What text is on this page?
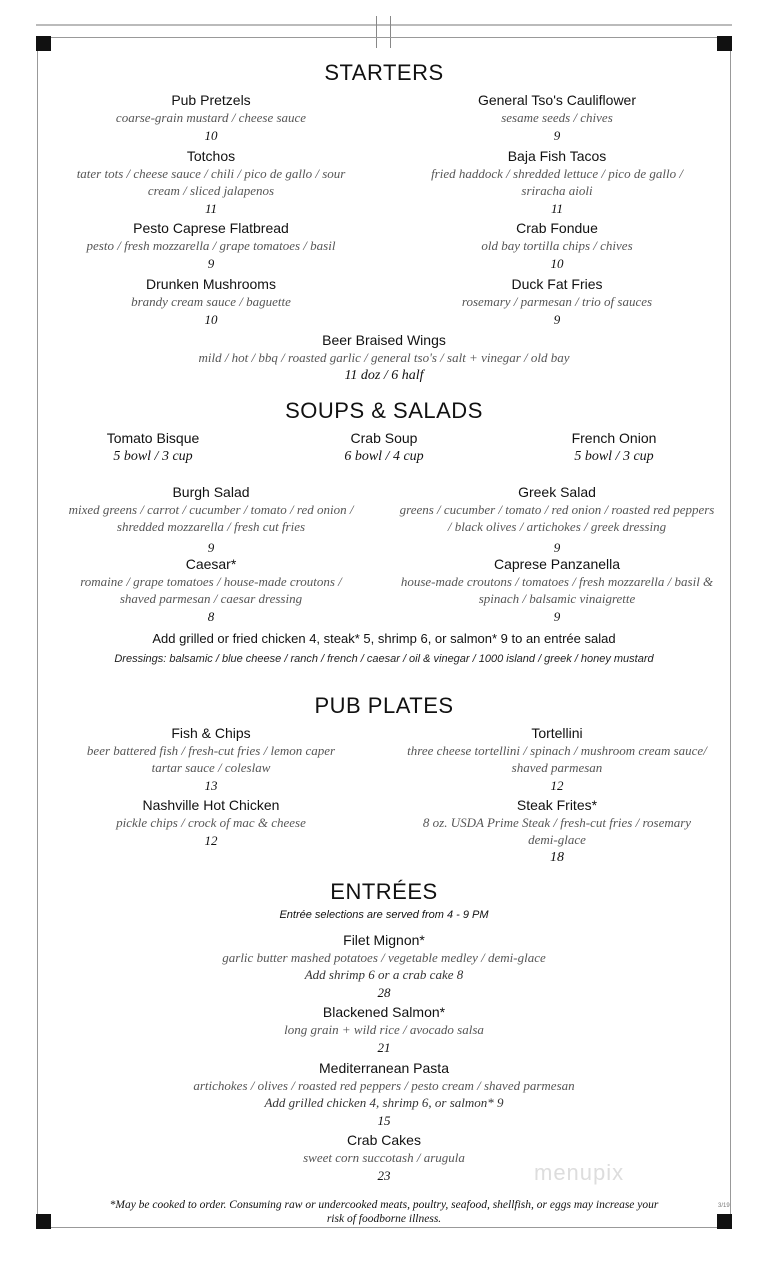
STARTERS
Pub Pretzels
coarse-grain mustard / cheese sauce
10
General Tso's Cauliflower
sesame seeds / chives
9
Totchos
tater tots / cheese sauce / chili / pico de gallo / sour cream / sliced jalapenos
11
Baja Fish Tacos
fried haddock / shredded lettuce / pico de gallo / sriracha aioli
11
Pesto Caprese Flatbread
pesto / fresh mozzarella / grape tomatoes / basil
9
Crab Fondue
old bay tortilla chips / chives
10
Drunken Mushrooms
brandy cream sauce / baguette
10
Duck Fat Fries
rosemary / parmesan / trio of sauces
9
Beer Braised Wings
mild / hot / bbq / roasted garlic / general tso's / salt + vinegar / old bay
11 doz / 6 half
SOUPS & SALADS
Tomato Bisque
5 bowl / 3 cup
Crab Soup
6 bowl / 4 cup
French Onion
5 bowl / 3 cup
Burgh Salad
mixed greens / carrot / cucumber / tomato / red onion / shredded mozzarella / fresh cut fries
9
Greek Salad
greens / cucumber / tomato / red onion / roasted red peppers / black olives / artichokes / greek dressing
9
Caesar*
romaine / grape tomatoes / house-made croutons / shaved parmesan / caesar dressing
8
Caprese Panzanella
house-made croutons / tomatoes / fresh mozzarella / basil & spinach / balsamic vinaigrette
9
Add grilled or fried chicken 4, steak* 5, shrimp 6, or salmon* 9 to an entrée salad
Dressings: balsamic / blue cheese / ranch / french / caesar / oil & vinegar / 1000 island / greek / honey mustard
PUB PLATES
Fish & Chips
beer battered fish / fresh-cut fries / lemon caper tartar sauce / coleslaw
13
Tortellini
three cheese tortellini / spinach / mushroom cream sauce/ shaved parmesan
12
Nashville Hot Chicken
pickle chips / crock of mac & cheese
12
Steak Frites*
8 oz. USDA Prime Steak / fresh-cut fries / rosemary demi-glace
18
ENTRÉES
Entrée selections are served from 4 - 9 PM
Filet Mignon*
garlic butter mashed potatoes / vegetable medley / demi-glace
Add shrimp 6 or a crab cake 8
28
Blackened Salmon*
long grain + wild rice / avocado salsa
21
Mediterranean Pasta
artichokes / olives / roasted red peppers / pesto cream / shaved parmesan
Add grilled chicken 4, shrimp 6, or salmon* 9
15
Crab Cakes
sweet corn succotash / arugula
23	menupix
*May be cooked to order. Consuming raw or undercooked meats, poultry, seafood, shellfish, or eggs may increase your risk of foodborne illness.
3/19
